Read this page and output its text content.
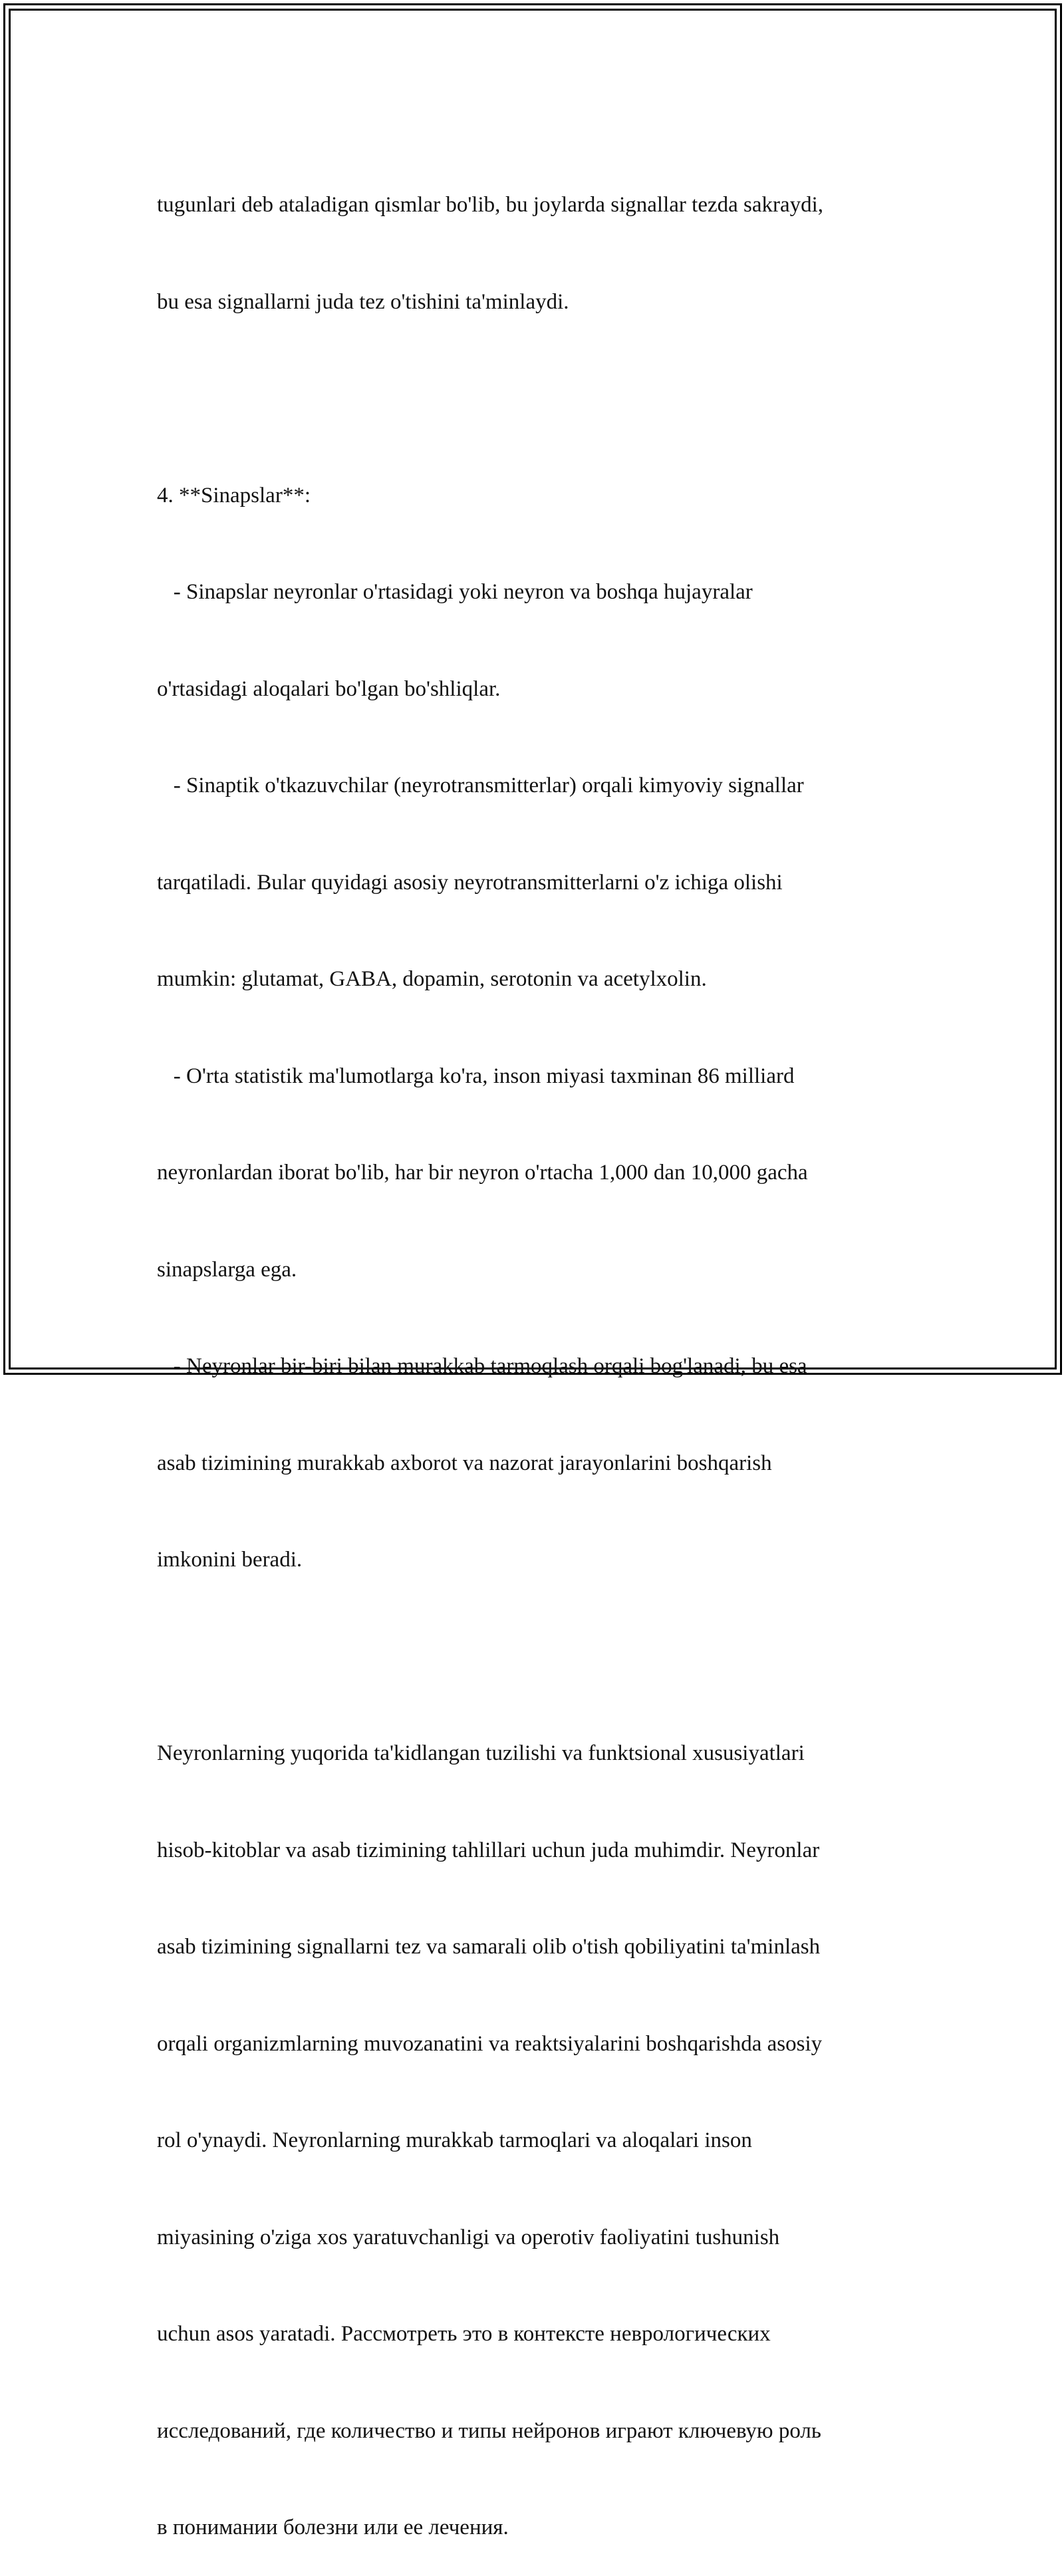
tugunlari deb ataladigan qismlar bo'lib, bu joylarda signallar tezda sakraydi,

bu esa signallarni juda tez o'tishini ta'minlaydi.

4. **Sinapslar**:

- Sinapslar neyronlar o'rtasidagi yoki neyron va boshqa hujayralar

o'rtasidagi aloqalari bo'lgan bo'shliqlar.

- Sinaptik o'tkazuvchilar (neyrotransmitterlar) orqali kimyoviy signallar

tarqatiladi. Bular quyidagi asosiy neyrotransmitterlarni o'z ichiga olishi

mumkin: glutamat, GABA, dopamin, serotonin va acetylxolin.

- O'rta statistik ma'lumotlarga ko'ra, inson miyasi taxminan 86 milliard

neyronlardan iborat bo'lib, har bir neyron o'rtacha 1,000 dan 10,000 gacha

sinapslarga ega.

- Neyronlar bir-biri bilan murakkab tarmoqlash orqali bog'lanadi, bu esa

asab tizimining murakkab axborot va nazorat jarayonlarini boshqarish

imkonini beradi.

Neyronlarning yuqorida ta'kidlangan tuzilishi va funktsional xususiyatlari

hisob-kitoblar va asab tizimining tahlillari uchun juda muhimdir. Neyronlar

asab tizimining signallarni tez va samarali olib o'tish qobiliyatini ta'minlash

orqali organizmlarning muvozanatini va reaktsiyalarini boshqarishda asosiy

rol o'ynaydi. Neyronlarning murakkab tarmoqlari va aloqalari inson

miyasining o'ziga xos yaratuvchanligi va operotiv faoliyatini tushunish

uchun asos yaratadi. Рассмотреть это в контексте неврологических

исследований, где количество и типы нейронов играют ключевую роль

в понимании болезни или ее лечения.
